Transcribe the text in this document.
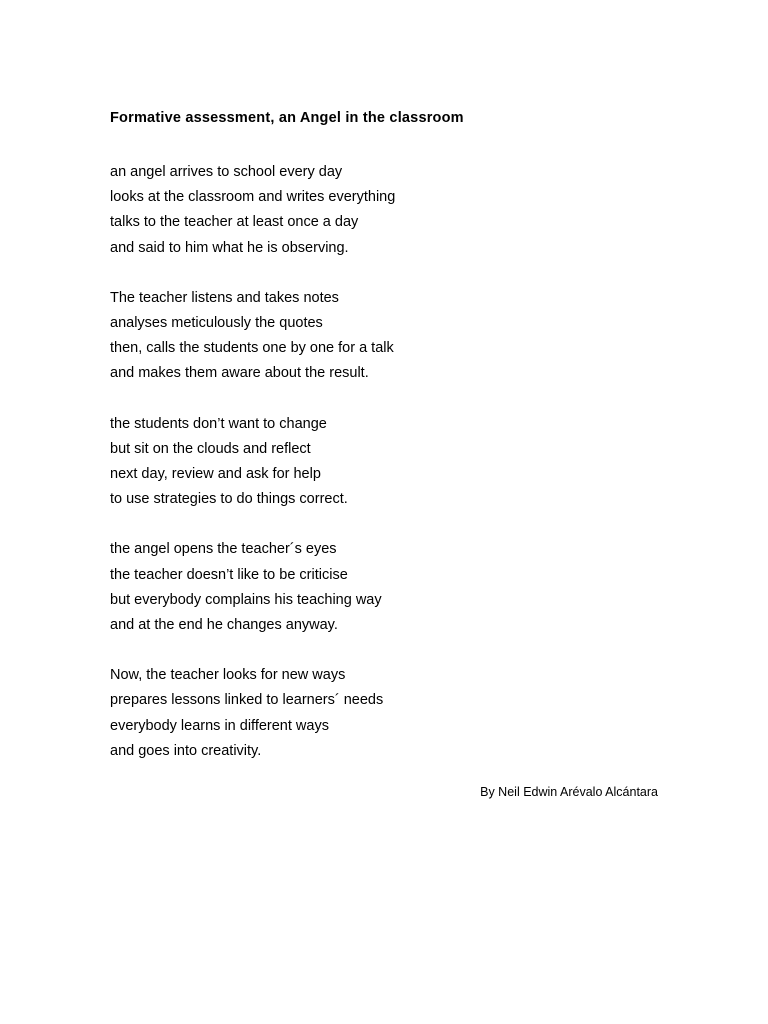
Formative assessment, an Angel in the classroom
an angel arrives to school every day
looks at the classroom and writes everything
talks to the teacher at least once a day
and said to him what he is observing.
The teacher listens and takes notes
analyses meticulously the quotes
then, calls the students one by one for a talk
and makes them aware about the result.
the students don’t want to change
but sit on the clouds and reflect
next day, review and ask for help
to use strategies to do things correct.
the angel opens the teacher´s eyes
the teacher doesn’t like to be criticise
but everybody complains his teaching way
and at the end he changes anyway.
Now, the teacher looks for new ways
prepares lessons linked to learners´ needs
everybody learns in different ways
and goes into creativity.
By Neil Edwin Arévalo Alcántara
